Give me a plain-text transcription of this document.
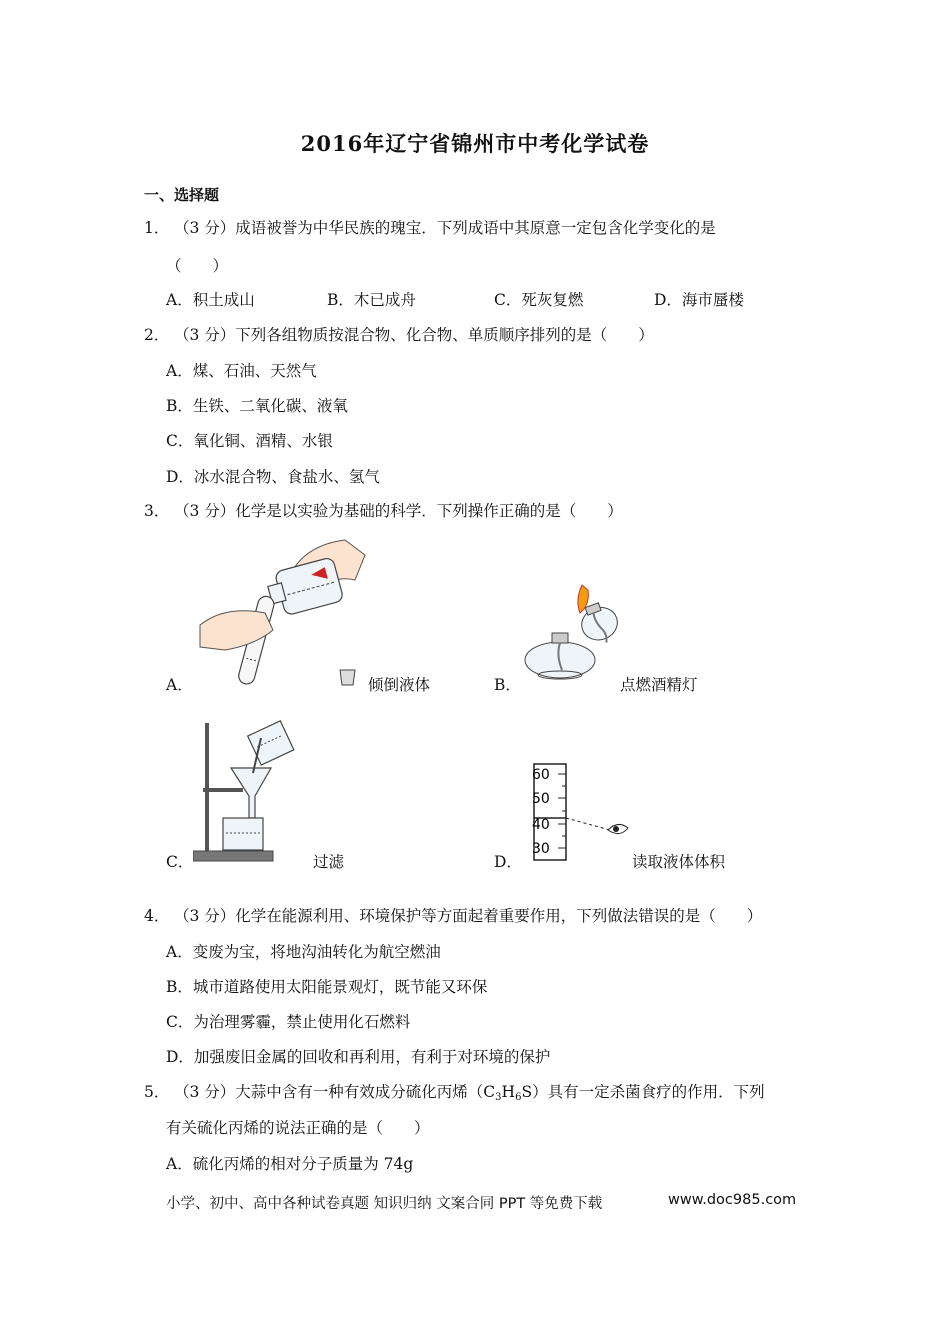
2016年辽宁省锦州市中考化学试卷
一、选择题
1． （3 分）成语被誉为中华民族的瑰宝．下列成语中其原意一定包含化学变化的是
（　　）
A．积土成山	B．木已成舟	C．死灰复燃	D．海市蜃楼
2． （3 分）下列各组物质按混合物、化合物、单质顺序排列的是（　　）
A．煤、石油、天然气
B．生铁、二氧化碳、液氧
C．氧化铜、酒精、水银
D．冰水混合物、食盐水、氢气
3． （3 分）化学是以实验为基础的科学．下列操作正确的是（　　）
A．	倾倒液体	B．	点燃酒精灯
C．	过滤
60
50
40
30
D．	读取液体体积
4． （3 分）化学在能源利用、环境保护等方面起着重要作用，下列做法错误的是（　　）
A．变废为宝，将地沟油转化为航空燃油
B．城市道路使用太阳能景观灯，既节能又环保
C．为治理雾霾，禁止使用化石燃料
D．加强废旧金属的回收和再利用，有利于对环境的保护
5． （3 分）大蒜中含有一种有效成分硫化丙烯$(C_3H_6S)$具有一定杀菌食疗的作用．下列
有关硫化丙烯的说法正确的是（　　）
A．硫化丙烯的相对分子质量为 74g
小学、初中、高中各种试卷真题 知识归纳 文案合同 PPT 等免费下载	www.doc985.com
